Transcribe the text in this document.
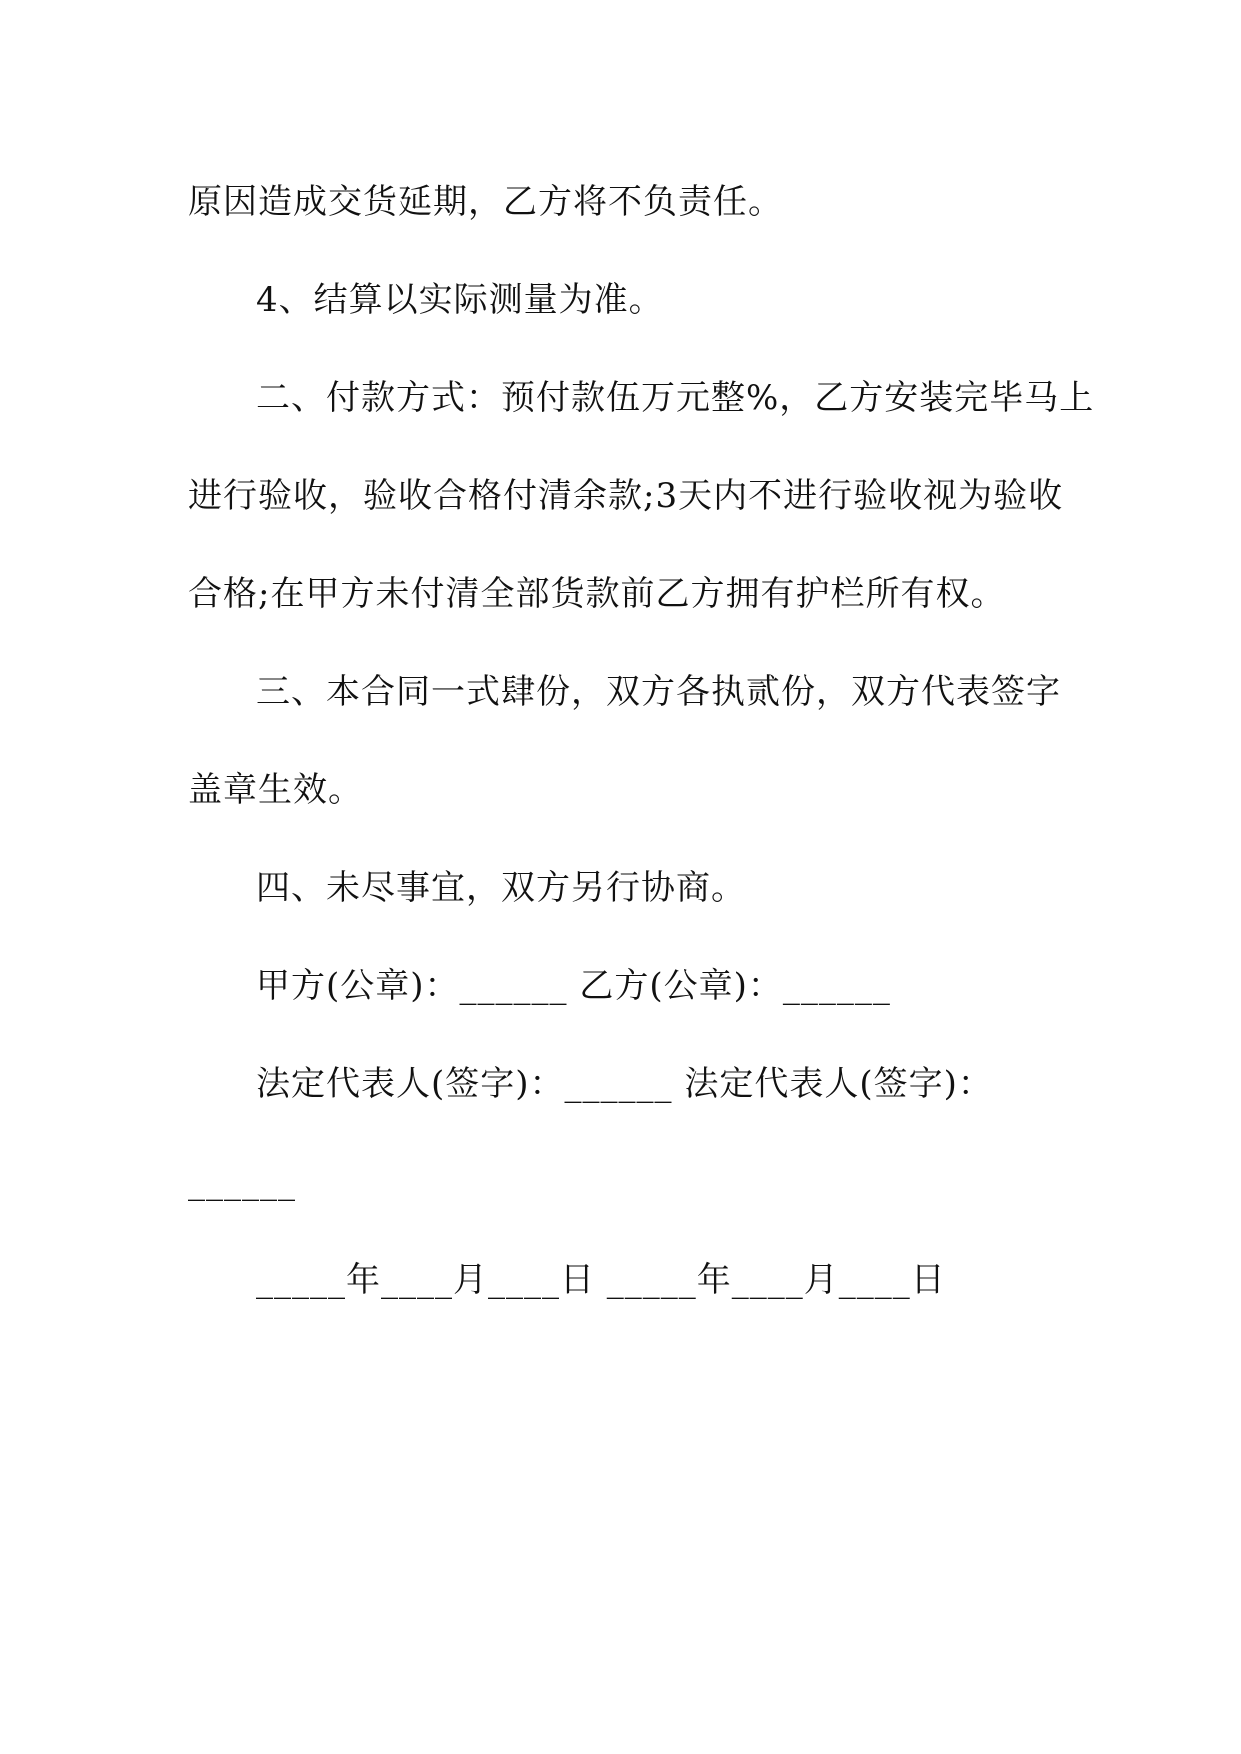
原因造成交货延期，乙方将不负责任。
4、结算以实际测量为准。
二、付款方式：预付款伍万元整%，乙方安装完毕马上
进行验收，验收合格付清余款;3天内不进行验收视为验收
合格;在甲方未付清全部货款前乙方拥有护栏所有权。
三、本合同一式肆份，双方各执贰份，双方代表签字
盖章生效。
四、未尽事宜，双方另行协商。
甲方(公章)：______ 乙方(公章)：______
法定代表人(签字)：______ 法定代表人(签字)：
______
_____年____月____日 _____年____月____日
